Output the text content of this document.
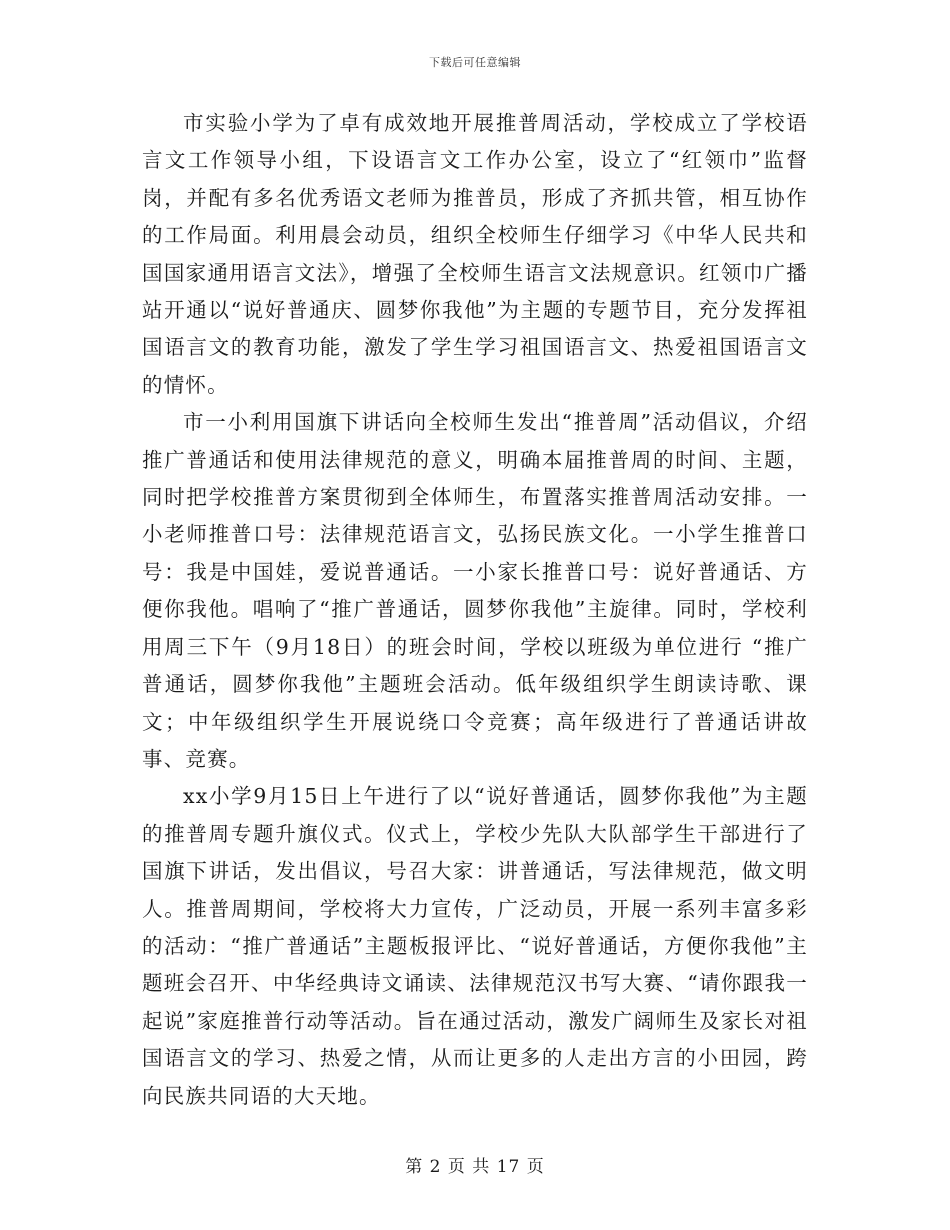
下载后可任意编辑

市实验小学为了卓有成效地开展推普周活动，学校成立了学校语言文工作领导小组，下设语言文工作办公室，设立了“红领巾”监督岗，并配有多名优秀语文老师为推普员，形成了齐抓共管，相互协作的工作局面。利用晨会动员，组织全校师生仔细学习《中华人民共和国国家通用语言文法》，增强了全校师生语言文法规意识。红领巾广播站开通以“说好普通庆、圆梦你我他”为主题的专题节目，充分发挥祖国语言文的教育功能，激发了学生学习祖国语言文、热爱祖国语言文的情怀。

市一小利用国旗下讲话向全校师生发出“推普周”活动倡议，介绍推广普通话和使用法律规范的意义，明确本届推普周的时间、主题，同时把学校推普方案贯彻到全体师生，布置落实推普周活动安排。一小老师推普口号：法律规范语言文，弘扬民族文化。一小学生推普口号：我是中国娃，爱说普通话。一小家长推普口号：说好普通话、方便你我他。唱响了“推广普通话，圆梦你我他”主旋律。同时，学校利用周三下午（9月18日）的班会时间，学校以班级为单位进行 “推广普通话，圆梦你我他”主题班会活动。低年级组织学生朗读诗歌、课文；中年级组织学生开展说绕口令竞赛；高年级进行了普通话讲故事、竞赛。

xx小学9月15日上午进行了以“说好普通话，圆梦你我他”为主题的推普周专题升旗仪式。仪式上，学校少先队大队部学生干部进行了国旗下讲话，发出倡议，号召大家：讲普通话，写法律规范，做文明人。推普周期间，学校将大力宣传，广泛动员，开展一系列丰富多彩的活动：“推广普通话”主题板报评比、“说好普通话，方便你我他”主题班会召开、中华经典诗文诵读、法律规范汉书写大赛、“请你跟我一起说”家庭推普行动等活动。旨在通过活动，激发广阔师生及家长对祖国语言文的学习、热爱之情，从而让更多的人走出方言的小田园，跨向民族共同语的大天地。

第 2 页 共 17 页
